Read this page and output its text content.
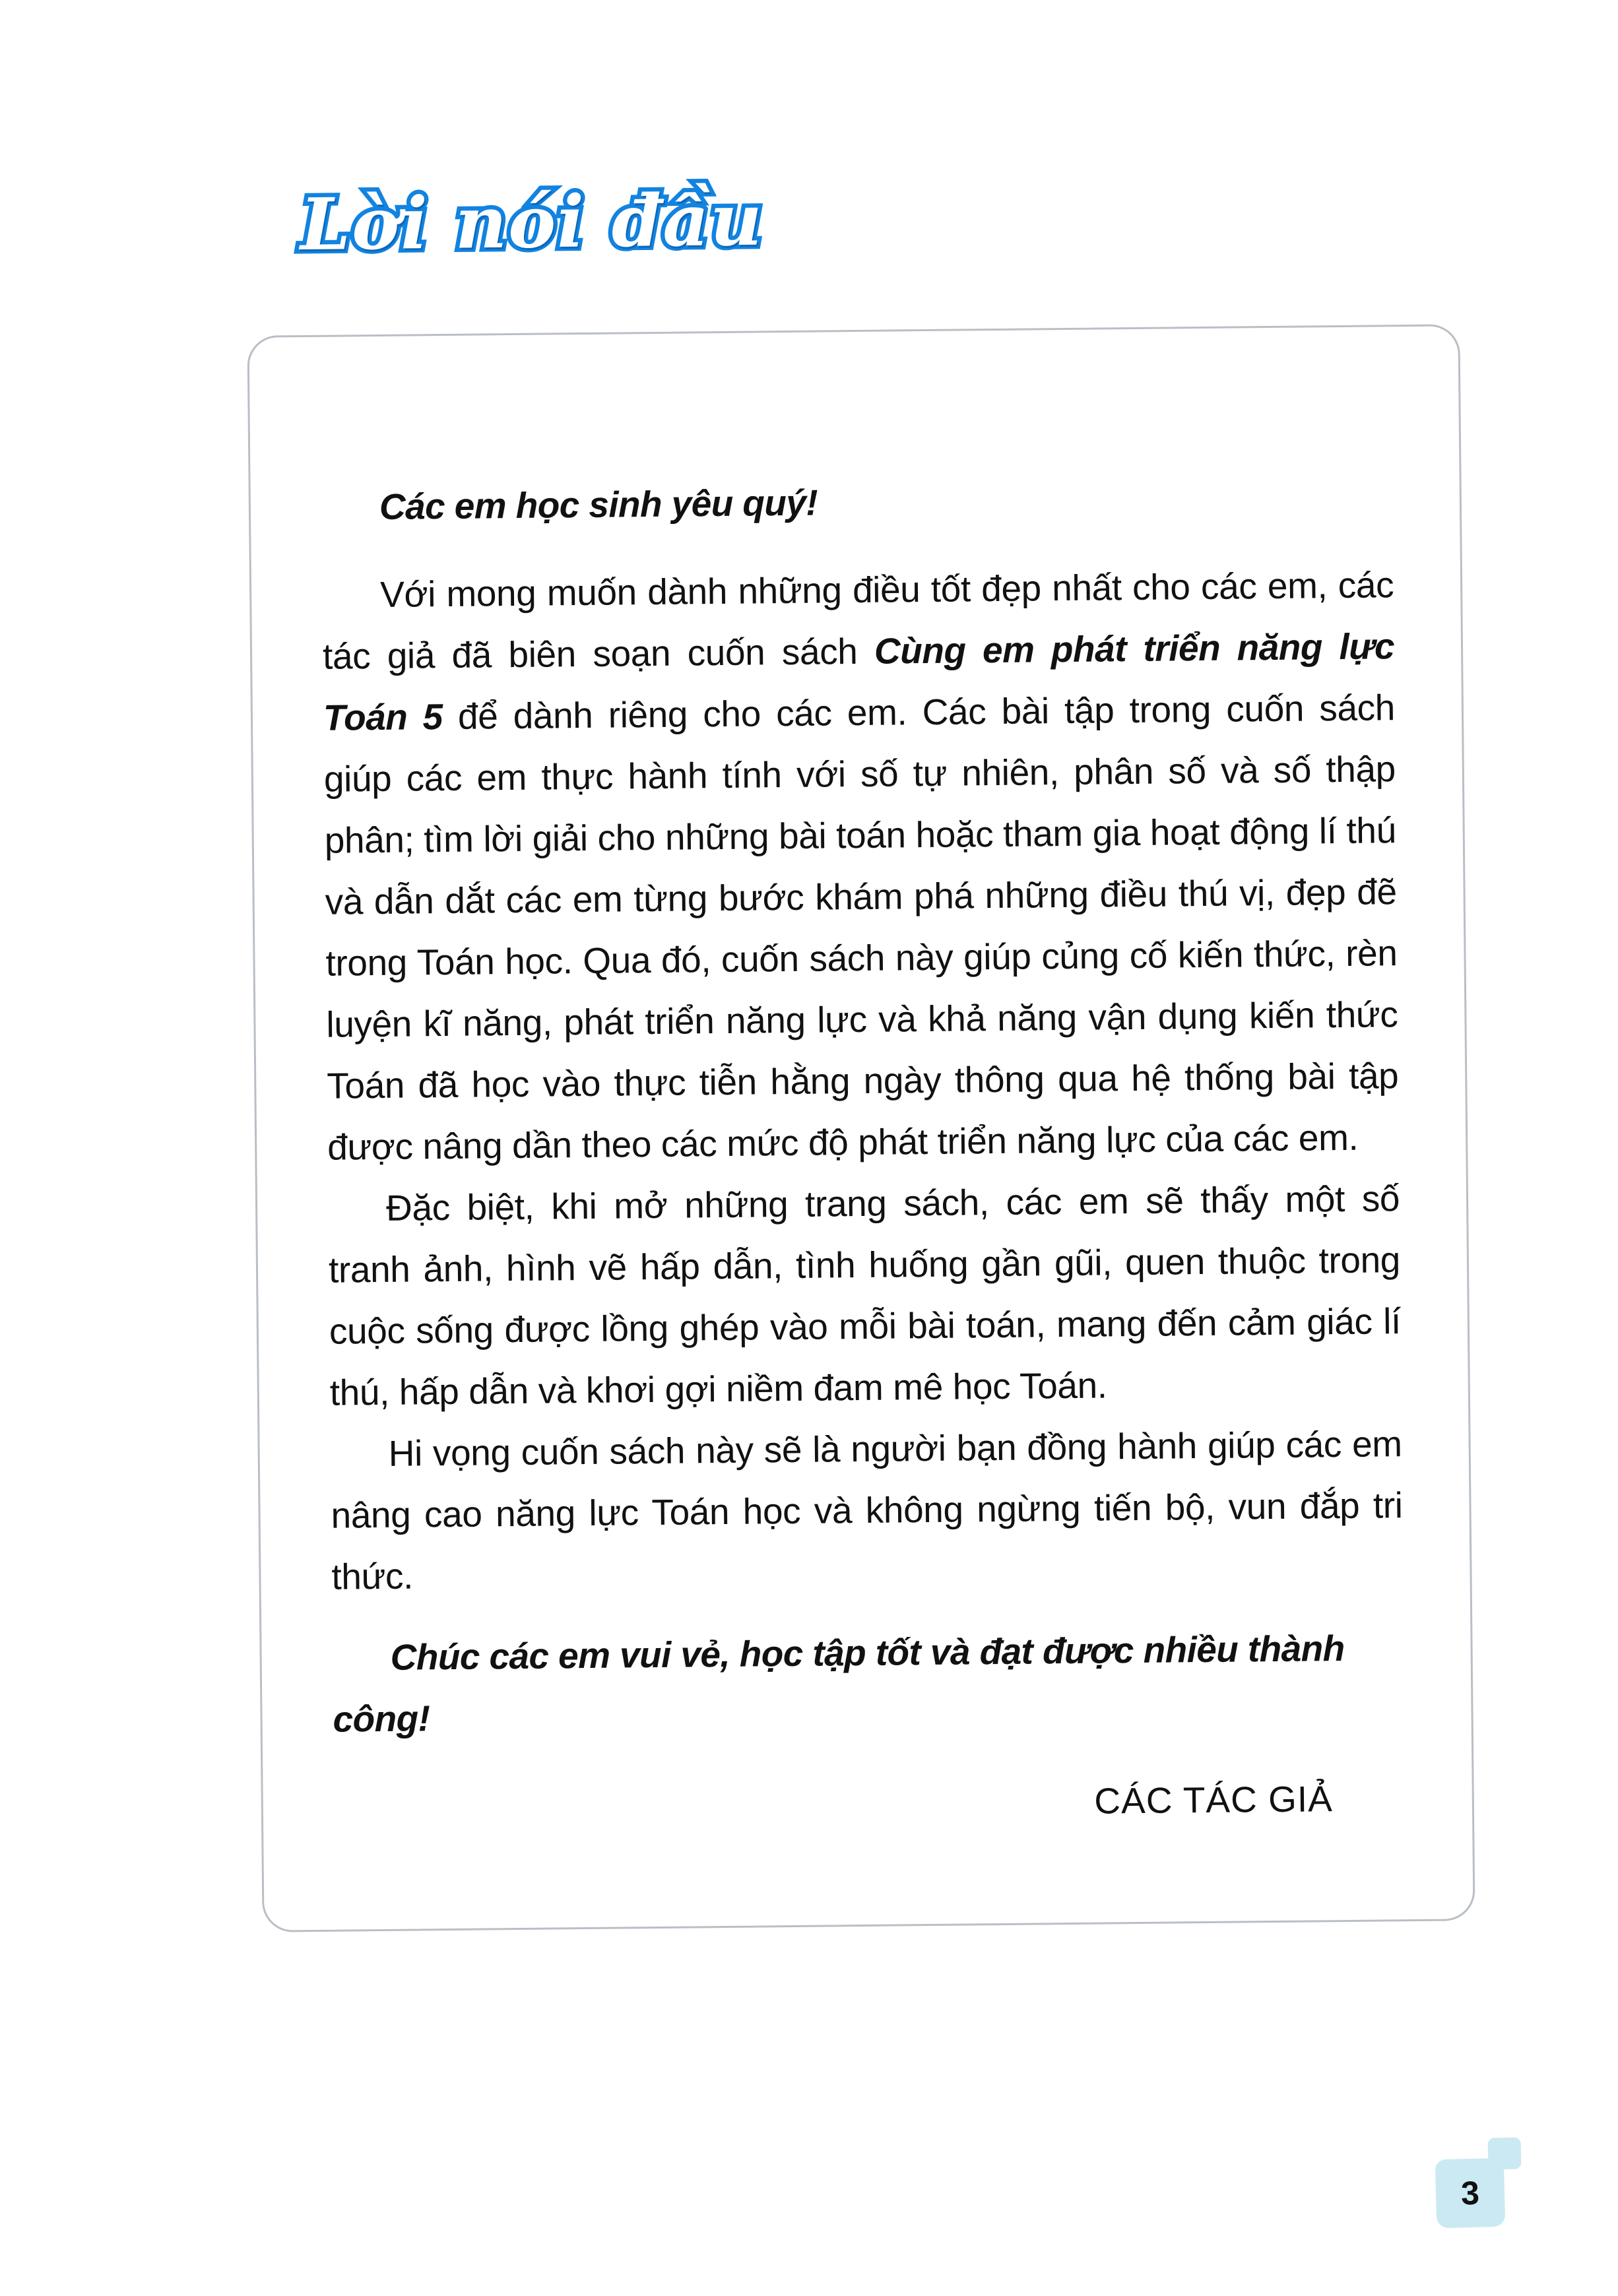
Lời nói đầu

Các em học sinh yêu quý!

Với mong muốn dành những điều tốt đẹp nhất cho các em, các tác giả đã biên soạn cuốn sách Cùng em phát triển năng lực Toán 5 để dành riêng cho các em. Các bài tập trong cuốn sách giúp các em thực hành tính với số tự nhiên, phân số và số thập phân; tìm lời giải cho những bài toán hoặc tham gia hoạt động lí thú và dẫn dắt các em từng bước khám phá những điều thú vị, đẹp đẽ trong Toán học. Qua đó, cuốn sách này giúp củng cố kiến thức, rèn luyện kĩ năng, phát triển năng lực và khả năng vận dụng kiến thức Toán đã học vào thực tiễn hằng ngày thông qua hệ thống bài tập được nâng dần theo các mức độ phát triển năng lực của các em.

Đặc biệt, khi mở những trang sách, các em sẽ thấy một số tranh ảnh, hình vẽ hấp dẫn, tình huống gần gũi, quen thuộc trong cuộc sống được lồng ghép vào mỗi bài toán, mang đến cảm giác lí thú, hấp dẫn và khơi gợi niềm đam mê học Toán.

Hi vọng cuốn sách này sẽ là người bạn đồng hành giúp các em nâng cao năng lực Toán học và không ngừng tiến bộ, vun đắp tri thức.

Chúc các em vui vẻ, học tập tốt và đạt được nhiều thành công!

CÁC TÁC GIẢ

3
